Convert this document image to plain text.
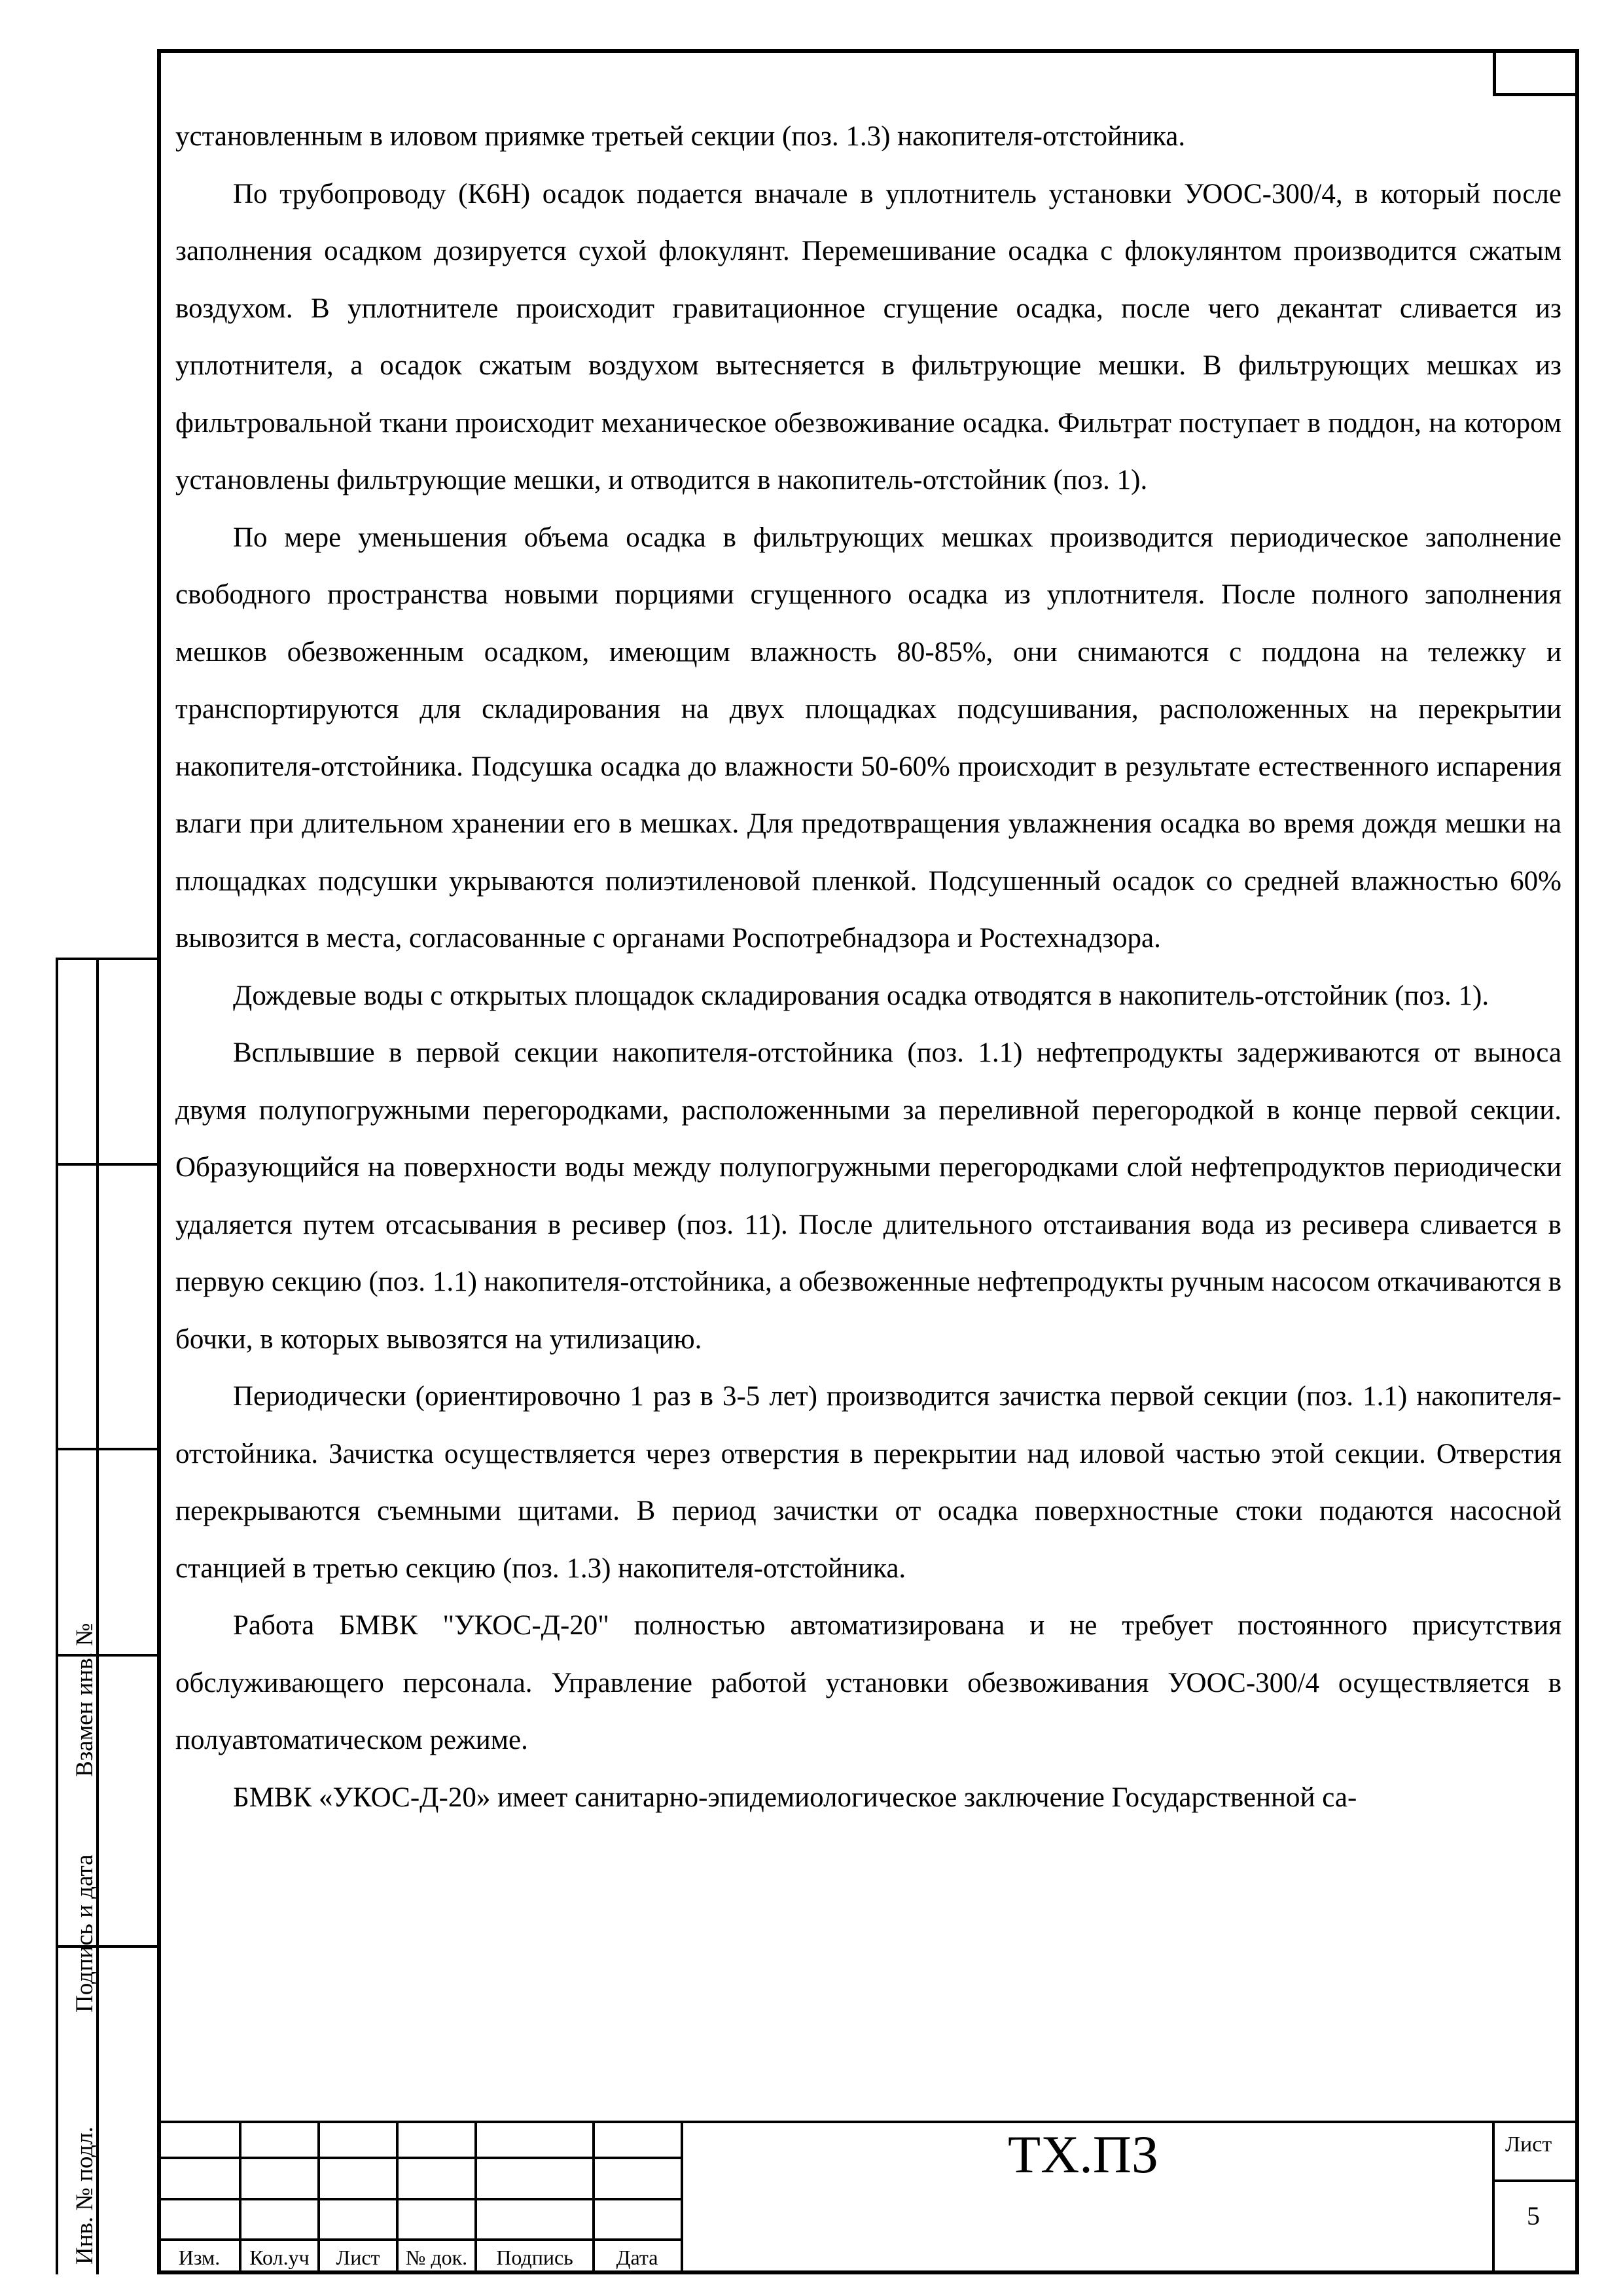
установленным в иловом приямке третьей секции (поз. 1.3) накопителя-отстойника.

По трубопроводу (К6Н) осадок подается вначале в уплотнитель установки УООС-300/4, в который после заполнения осадком дозируется сухой флокулянт. Перемешивание осадка с флокулянтом производится сжатым воздухом. В уплотнителе происходит гравитационное сгущение осадка, после чего декантат сливается из уплотнителя, а осадок сжатым воздухом вытесняется в фильтрующие мешки. В фильтрующих мешках из фильтровальной ткани происходит механическое обезвоживание осадка. Фильтрат поступает в поддон, на котором установлены фильтрующие мешки, и отводится в накопитель-отстойник (поз. 1).

По мере уменьшения объема осадка в фильтрующих мешках производится периодическое заполнение свободного пространства новыми порциями сгущенного осадка из уплотнителя. После полного заполнения мешков обезвоженным осадком, имеющим влажность 80-85%, они снимаются с поддона на тележку и транспортируются для складирования на двух площадках подсушивания, расположенных на перекрытии накопителя-отстойника. Подсушка осадка до влажности 50-60% происходит в результате естественного испарения влаги при длительном хранении его в мешках. Для предотвращения увлажнения осадка во время дождя мешки на площадках подсушки укрываются полиэтиленовой пленкой. Подсушенный осадок со средней влажностью 60% вывозится в места, согласованные с органами Роспотребнадзора и Ростехнадзора.

Дождевые воды с открытых площадок складирования осадка отводятся в накопитель-отстойник (поз. 1).

Всплывшие в первой секции накопителя-отстойника (поз. 1.1) нефтепродукты задерживаются от выноса двумя полупогружными перегородками, расположенными за переливной перегородкой в конце первой секции. Образующийся на поверхности воды между полупогружными перегородками слой нефтепродуктов периодически удаляется путем отсасывания в ресивер (поз. 11). После длительного отстаивания вода из ресивера сливается в первую секцию (поз. 1.1) накопителя-отстойника, а обезвоженные нефтепродукты ручным насосом откачиваются в бочки, в которых вывозятся на утилизацию.

Периодически (ориентировочно 1 раз в 3-5 лет) производится зачистка первой секции (поз. 1.1) накопителя-отстойника. Зачистка осуществляется через отверстия в перекрытии над иловой частью этой секции. Отверстия перекрываются съемными щитами. В период зачистки от осадка поверхностные стоки подаются насосной станцией в третью секцию (поз. 1.3) накопителя-отстойника.

Работа БМВК "УКОС-Д-20" полностью автоматизирована и не требует постоянного присутствия обслуживающего персонала. Управление работой установки обезвоживания УООС-300/4 осуществляется в полуавтоматическом режиме.

БМВК «УКОС-Д-20» имеет санитарно-эпидемиологическое заключение Государственной са-

Взамен инв. №
Подпись и дата
Инв. № подл.	Изм.	Кол.уч	Лист	№ док.	Подпись	Дата
ТХ.ПЗ	Лист
5
